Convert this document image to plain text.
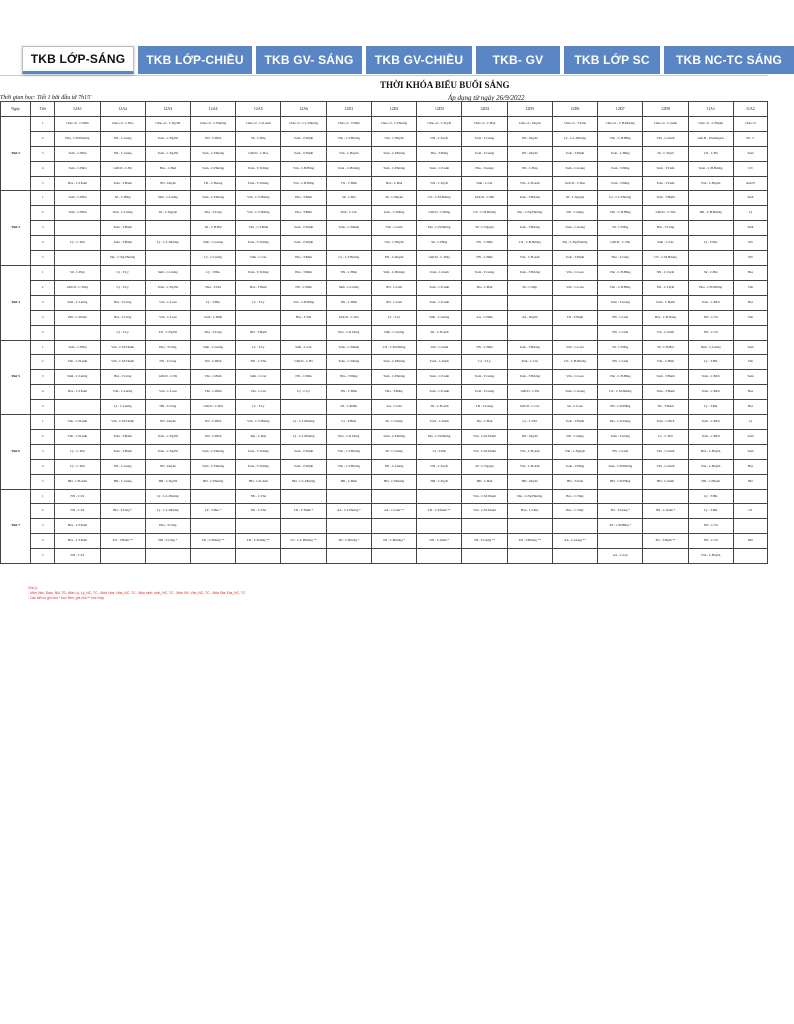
TKB LỚP-SÁNG	TKB LỚP-CHIỀU	TKB GV- SÁNG	TKB GV-CHIỀU	TKB- GV	TKB LỚP SC	TKB NC-TC SÁNG
THỜI KHÓA BIỂU BUỔI SÁNG
Áp dụng từ ngày 26/9/2022
Thời gian học: Tiết 1 bắt đầu từ 7h15'
Ngày	Tiết	12A1	12A2	12A3	12A4	12A5	12A6	12D1	12D2	12D3	12D4	12D5	12D6	12D7	12D8	11A1	11A2
Thứ 2	1	Chào cờ - C.Hiền	Chào cờ - C.Hoa	Chào cờ - C.Ng.Hà	Chào cờ - C.Phương	Chào cờ - C.K.Anh	Chào cờ - C.L.Phương	Chào cờ - T.Hiếu	Chào cờ - C.Phương	Chào cờ - C.Tuyết	Chào cờ - C.Huệ	Chào cờ - Duyên	Chào cờ - T.Toàn	Chào cờ - C.H.Phương	Chào cờ - C.Oanh	Chào cờ - C.Huyền	Chào cờ
	2	Hóa - C.H.Phương	NN - C.Giang	Toán - C.Ng.Hà	NN - C.Hiền	Sử - C.Hợp	Toán - T.Thịnh	Văn - C.T.Hương	Văn - C.Huyền	NN - C.Tuyết	Toán - T.Giang	NN - Duyên	Lý - C.L.Phương	Văn - C.H.Hằng	Văn - C.Oanh	Anh H - Washington	Sử - C
	3	Toán - C.Hiền	NN - C.Giang	Toán - C.Ng.Hà	Toán - C.Phương	GDCD - C.Hoa	Toán - T.Thịnh	Văn - C.Huyền	Toán - C.Phương	Hóa - T.Đăng	Toán - T.Giang	NN - Duyên	Toán - T.Hạnh	Toán - C.Hằng	Sử - C.Tuyết	CN - C.Hà	Toán
	4	Toán - C.Hiền	GDCD - C.Hà	Hóa - C.Huệ	Toán - C.Phương	Toán - T.Trường	Văn - C.H.Hằng	Toán - C.Phương	Toán - C.Phương	Toán - C.P.Anh	Hóa - T.Giang	NN - C.Hợp	Toán - C.Giang	Toán - T.Đăng	Toán - T.Tuấn	Toán - C.H.Hương	CN
	5	Hóa - C.Thanh	Toán - T.Hạnh	NN - Duyên	TD - C.Huong	Toán - T.Trường	Văn - C.H.Hằng	CN - C.Hiếu	Hóa - C.Huệ	NN - C.Tuyết	Sinh - C.Cúc	Văn - C.H.Anh	GDCD - C.Hoa	Toán - T.Đăng	Toán - T.Tuấn	Văn - C.Huyền	Anh H
Thứ 3	1	Toán - C.Hiền	Sử - C.Hằng	Sinh - C.Lương	Toán - C.Phương	Văn - C.T.Hương	Hóa - T.Bình	Sử - C.Bội	Sử - C.Huyền	CN - C.M.Hương	GDCD - C.Hải	Toán - T.Hương	Sử - C.Nguyệt	Lý - C.L.Phương	Toán - T.Hạnh		Sinh
	2	Toán - C.Hiền	Sinh - C.Lương	Sử - C.Nguyệt	Hóa - T.Công	Văn - C.T.Hương	Hóa - T.Bình	Sinh - C.Cúc	Toán - C.Nhung	GDCD - C.Hằng	CN - C.M.Hương	Địa - C.Ng.Phương	NN - C.Dung	Văn - C.H.Hằng	GDCD - C.Thu	HD - C.H.Hương	Lý
	3		Toán - T.Hạnh		Sử - C.H.Hải	Văn - C.T.Bình	Toán - T.Thịnh	Toán - C.Nhung	Văn - C.Liên	Địa - C.H.Hương	Sử - C.Nguyệt	Toán - T.Hương	Toán - C.Giang	Sử - C.Hằng	Hóa - T.Công		Sinh
	4	Lý - C.Thư	Toán - T.Hạnh	Lý - C.L.Phương	Sinh - C.Lương	Toán - T.Trường	Toán - T.Thịnh		Văn - C.Huyền	Sử - C.Hằng	NN - C.Hiền	CN - C.H.Hương	Địa - C.Ng.Phương	GDCD - C.Thu	Sinh - C.Cúc	Lý - T.Hào	NN
	5		Địa - C.Ng.Phương		Lý - C.Lương	Sinh - C.Cúc	Hóa - T.Bình	Lý - C.T.Hương	NN - C.Duyên	GDCD - C.Thủy	NN - C.Hiền	Văn - C.H.Anh	Toán - T.Hạnh	Hóa - T.Công	CN - C.M.Hương		NN
Thứ 4	1	Sử - C.Hợp	Lý - T.Lý	Sinh - C.Lương	Lý - T.Hào	Toán - T.Trường	Hóa - T.Bình	NN - C.Hiền	Sinh - C.Phương	Toán - C.Oanh	Toán - T.Giang	Toán - T.Hương	Văn - C.Loan	Văn - C.H.Hằng	NN - C.Tuyết	Sử - C.Bội	Hóa
	2	GDCD - C.Thủy	Lý - T.Lý	Toán - C.Ng.Hà	Hóa - T.Tân	Hóa - T.Bình	NN - C.Hiền	Sinh - C.Lương	NN - C.Liên	Toán - C.P.Anh	Địa - C.Huệ	Sử - C.Hợp	Văn - C.Loan	Văn - C.H.Hằng	NN - C.Tuyết	Hóa - C.H.Hương	Văn
	3	Sinh - C.Lương	Hóa - T.Công	Văn - C.Loan	Lý - T.Hào	Lý - T.Lý	Văn - C.H.Hằng	NN - C.Hiền	NN - C.Liên	Toán - C.P.Anh				Toán - T.Giang	Toán - C.Hạnh	Toán - C.Bích	Hóa
	4	HD - C.Thanh	Hóa - T.Công	Văn - C.Loan	Toán - C.Bình		Hóa - T.Tân	GDCD - C.Thu	Lý - T.Lý	Sinh - C.Lương	AA - C.Hiền	AA - Duyên	TD - T.Hạnh	NN - C.Liên	Hóa - C.H.Dung	NN - C.Tú	Văn
	5		Lý - T.Lý	TD - C.Ng.Hà	Hóa - T.Công	HD - T.Hạnh		Hóa - C.K.Dung	Sinh - C.Lương	TD - C.H.Anh				NN - C.Liên	Vật - C.Oanh	NN - C.Tú	
Thứ 5	1	Toán - C.Hiền	Văn - C.M.Thanh	Hóa - T.Công	Sinh - C.Lương	Lý - T.Lý	Sinh - C.Cúc	Toán - C.Nhung	CN - C.M.Hương	Văn - C.Oanh	NN - C.Hiền	Toán - T.Hương	Văn - C.Loan	Sử - C.Hằng	Sử - C.B.Bội	Sinh - C.Lương	Toán
	2	Văn - C.H.Anh	Văn - C.M.Thanh	NN - T.Công	NN - C.Hiền	NN - C.Văn	GDCD - C.Hà	Toán - C.Nhung	Toán - C.Phương	Toán - C.Oanh	Lý - T.Lý	Sinh - C.Cúc	CN - C.H.Hương	NN - C.Liên	Văn - C.Hiền	Lý - T.Hải	Văn
	3	Sinh - C.Lương	Hóa - T.Công	GDCD - C.Hà	Văn - C.Bình	Sinh - C.Cúc	NN - C.Hiền	Hóa - T.Đăng	Toán - C.Phương	Toán - C.P.Anh	Toán - T.Giang	Toán - T.Hương	Văn - C.Loan	Văn - C.H.Hằng	Toán - T.Hạnh	Toán - C.Bích	Toán
	4	Hóa - C.Thanh	Văn - C.Lương	Văn - C.Loan	Văn - C.Bình	Văn - C.Cúc	Lý - C.Lý	NN - C.Hiền	Hóa - T.Đăng	Toán - C.P.Anh	Toán - T.Giang	GDCD - C.Hà	Toán - C.Giang	CN - C.M.Hương	Toán - T.Hạnh	Toán - C.Bích	Hóa
	5		Lý - C.Lương	HD - T.Công	GDCD - C.Hải	Lý - T.Lý		Sử - C.B.Bội	AA - C.Lữu	TD - C.H.Anh	TD - T.Giang	GDCD - C.Cúc	Sử - C.Loan	NN - C.H.Hằng	TD - T.Hạnh	Lý - T.Bội	Hóa
Thứ 6	1	Văn - C.H.Anh	Văn - C.M.Thanh	NN - Duyên	NN - C.Hiền	Văn - C.T.Hương	Lý - C.L.Phương	Lý - T.Hiếu	Sử - C.Chung	Toán - C.Oanh	Địa - C.Huệ	Lý - C.Thư	Toán - T.Hạnh	Địa - C.K.Dung	Toán - C.Bích	Toán - C.Bích	Lý
	2	Văn - C.H.Anh	Toán - T.Hạnh	Toán - C.Ng.Hà	NN - C.Hiền	Địa - C.Huệ	Lý - C.L.Phương	Hóa - C.K.Dung	Toán - C.Phương	Địa - C.H.Hương	Văn - C.M.Thanh	NN - Duyên	NN - C.Dung	Toán - T.Giang	Lý - C.Thư	Toán - C.Bích	Toán
	3	Lý - C.Thư	Toán - T.Hạnh	Toán - C.Ng.Hà	Toán - C.Phương	Toán - T.Trường	Toán - T.Thịnh	Văn - C.T.Hương	Sử - C.Chung	Lý - T.Hải	Văn - C.M.Thanh	Văn - C.H.Anh	Văn - C.Nguyệt	NN - C.Liên	Văn - C.Oanh	Hóa - C.Huyền	Toán
	4	Lý - C.Thư	NN - C.Giang	NN - Duyên	Toán - C.Phương	Toán - T.Trường	Toán - T.Thịnh	Văn - C.T.Hương	NN - C.Chung	NN - C.Tuyết	Sử - C.Nguyệt	Văn - C.H.Anh	Toán - T.Đăng	Toán - C.H.Hương	Văn - C.Oanh	Văn - C.Huyền	Hóa
	5	HD - C.H.Anh	HD - C.Giang	HD - C.Ng.Hà	HD - C.Phương	HD - C.K.Anh	HD - C.L.Phương	HD - C.Hiếu	HD - C.Phương	HD - C.Tuyết	HD - C.Huệ	HD - Duyên	HD - T.Toàn	HD - C.H.Hằng	HD - C.Oanh	HD - C.Huyền	HD
Thứ 7	1	NN - C.Tú		Lý - C.L.Phương		NN - C.Văn					Văn - C.M.Thanh	Địa - C.Ng.Phương	Hóa - C.Thúy			Lý - T.Hải	
	2	NN - C.Tú	HD - T.Công *	Lý - C.L.Phương	LP - T.Hào *	NN - C.Văn	TD - T.Thịnh *	AA - C.T.Hương *	AA - C.Liên **	TD - C.P.Oanh **	Văn - C.M.Thanh	Hóa - C.Thúy	Hóa - C.Thúy	TD - T.Giang *	NN - C.Oanh *	Lý - T.Hải	LP
	3	Hóa - C.Thanh		Hóa - T.Công										Sử - C.H.Hằng *		NN - C.Tú	
	4	Hóa - C.Thanh	TD - T.Hạnh **	HD - T.Công *	TD - C.Hương **	TD - T.Trường **	LV - C.L.Phương **	TD - C.Hương *	TD - C.Phương *	NN - C.Oanh *	TD - T.Giang **	TD - T.Hương **	AA - C.Giang **		TD - T.Hạnh **	NN - C.Tú	HD
	5	NN - C.Tú												AA - C.Lan		Văn - C.Huyền	
Chú ý:
- Môn Văn, Toán, NN, TD, Môn Lý, Lý_NC, TC - Môn Hóa: Hóa_NC, TC - Môn sinh: sinh_NC, TC - Môn Sử: Văn_NC, TC - Môn Địa: Địa_NC, TC
- Các tiết có ghi chú * học Rèn, ghi chú ** học Hợp
